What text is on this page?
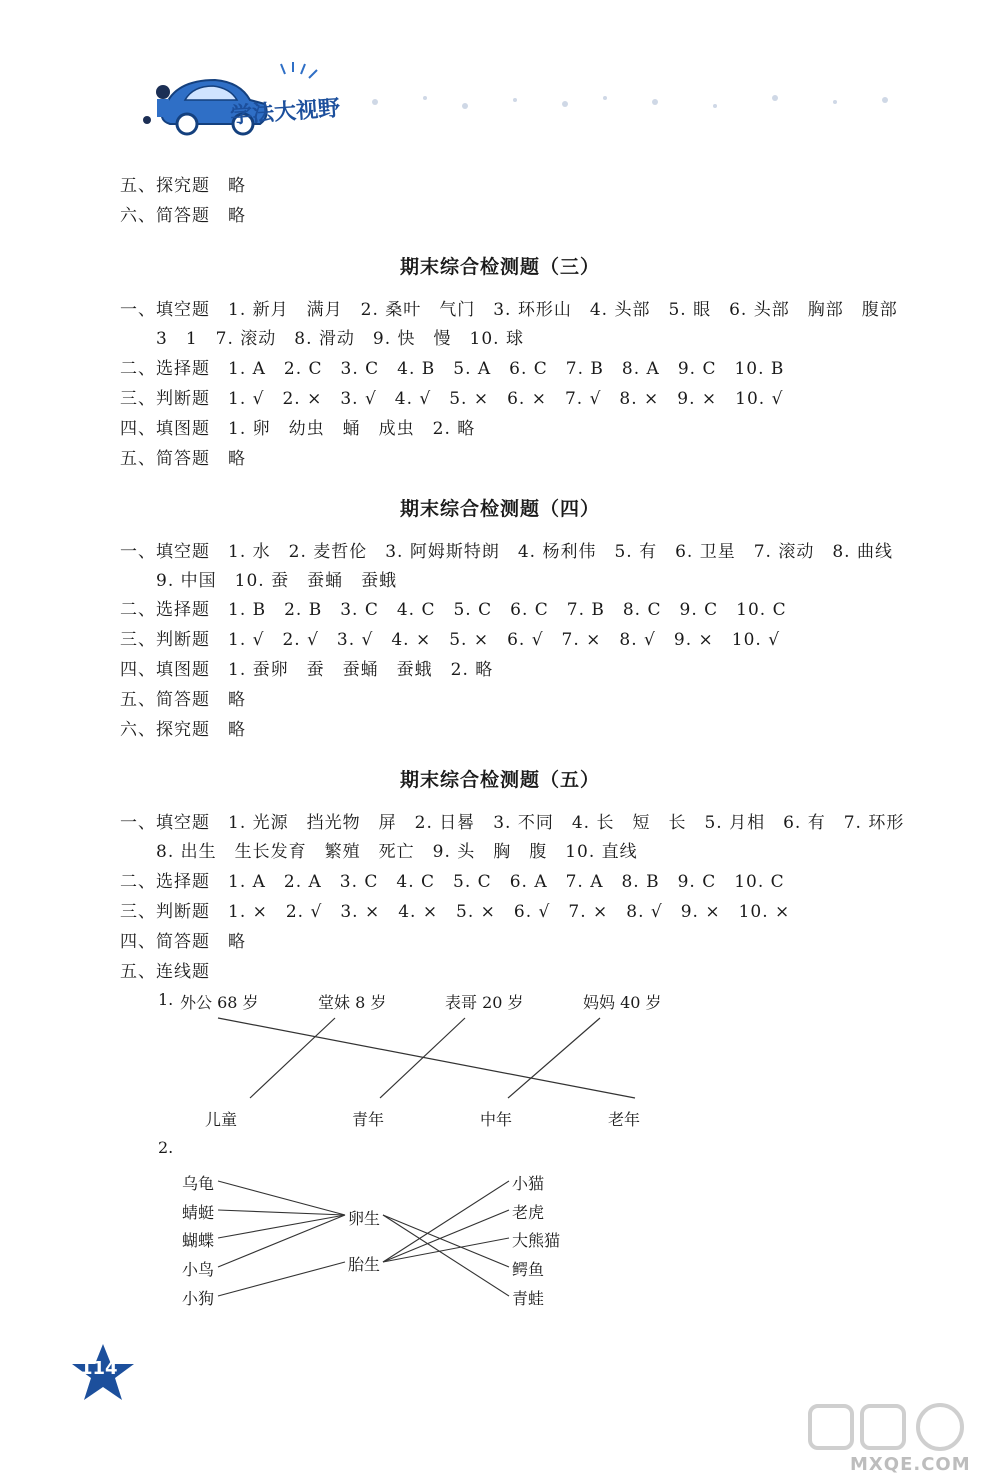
学法大视野
五、探究题　略
六、简答题　略
期末综合检测题（三）
一、填空题　1. 新月　满月　2. 桑叶　气门　3. 环形山　4. 头部　5. 眼　6. 头部　胸部　腹部
3　1　7. 滚动　8. 滑动　9. 快　慢　10. 球
二、选择题　1. A　2. C　3. C　4. B　5. A　6. C　7. B　8. A　9. C　10. B
三、判断题　1. √　2. ×　3. √　4. √　5. ×　6. ×　7. √　8. ×　9. ×　10. √
四、填图题　1. 卵　幼虫　蛹　成虫　2. 略
五、简答题　略
期末综合检测题（四）
一、填空题　1. 水　2. 麦哲伦　3. 阿姆斯特朗　4. 杨利伟　5. 有　6. 卫星　7. 滚动　8. 曲线
9. 中国　10. 蚕　蚕蛹　蚕蛾
二、选择题　1. B　2. B　3. C　4. C　5. C　6. C　7. B　8. C　9. C　10. C
三、判断题　1. √　2. √　3. √　4. ×　5. ×　6. √　7. ×　8. √　9. ×　10. √
四、填图题　1. 蚕卵　蚕　蚕蛹　蚕蛾　2. 略
五、简答题　略
六、探究题　略
期末综合检测题（五）
一、填空题　1. 光源　挡光物　屏　2. 日晷　3. 不同　4. 长　短　长　5. 月相　6. 有　7. 环形
8. 出生　生长发育　繁殖　死亡　9. 头　胸　腹　10. 直线
二、选择题　1. A　2. A　3. C　4. C　5. C　6. A　7. A　8. B　9. C　10. C
三、判断题　1. ×　2. √　3. ×　4. ×　5. ×　6. √　7. ×　8. √　9. ×　10. ×
四、简答题　略
五、连线题
1. 外公 68 岁	堂妹 8 岁	表哥 20 岁	妈妈 40 岁
儿童	青年	中年	老年
2.
乌龟
蜻蜓
蝴蝶
小鸟
小狗
卵生
胎生
小猫
老虎
大熊猫
鳄鱼
青蛙
114
MXQE.COM
